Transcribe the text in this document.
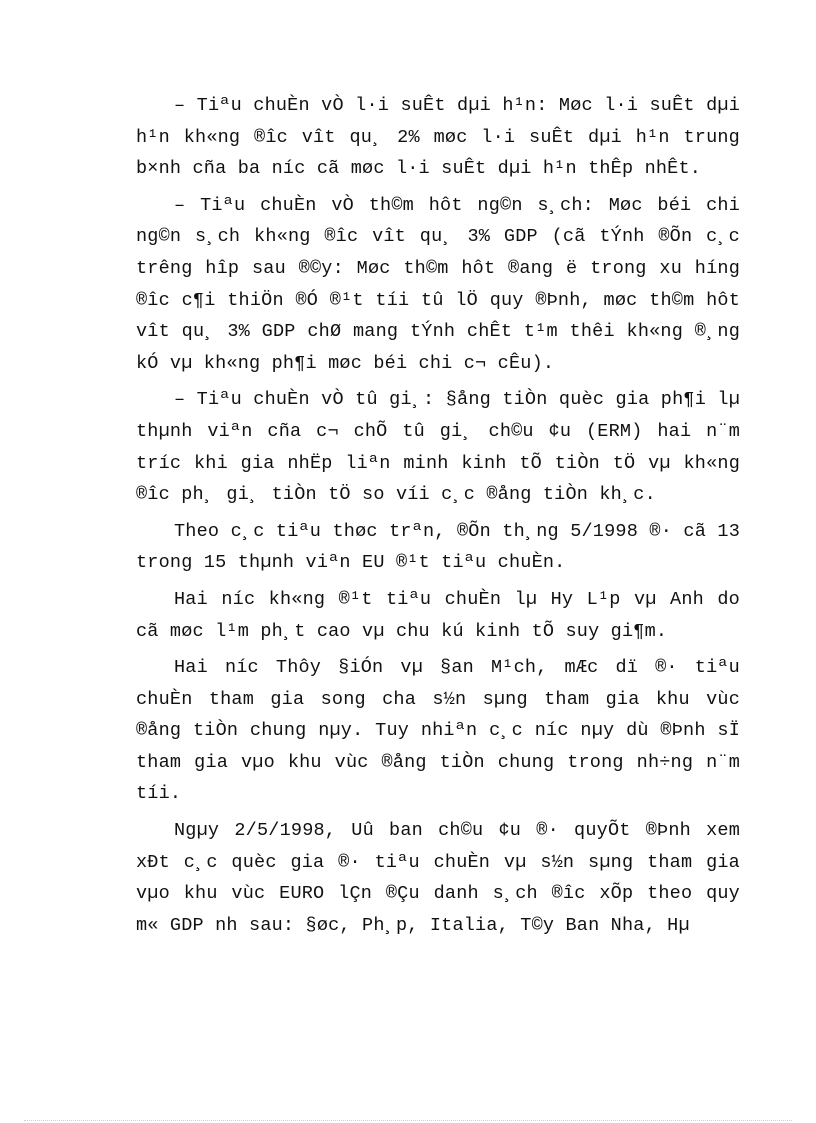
– Tiªu chuÈn vÒ l·i suÊt dµi h¹n: Møc l·i suÊt dµi h¹n kh«ng ®îc vît qu¸ 2% møc l·i suÊt dµi h¹n trung b×nh cña ba níc cã møc l·i suÊt dµi h¹n thÊp nhÊt.

– Tiªu chuÈn vÒ th©m hôt ng©n s¸ch: Møc béi chi ng©n s¸ch kh«ng ®îc vît qu¸ 3% GDP (cã tÝnh ®Õn c¸c trêng hîp sau ®©y: Møc th©m hôt ®ang ë trong xu híng ®îc c¶i thiÖn ®Ó ®¹t tíi tû lÖ quy ®Þnh, møc th©m hôt vît qu¸ 3% GDP chØ mang tÝnh chÊt t¹m thêi kh«ng ®¸ng kÓ vµ kh«ng ph¶i møc béi chi c¬ cÊu).

– Tiªu chuÈn vÒ tû gi¸: §ång tiÒn quèc gia ph¶i lµ thµnh viªn cña c¬ chÕ tû gi¸ ch©u ¢u (ERM) hai n¨m tríc khi gia nhËp liªn minh kinh tÕ tiÒn tÖ vµ kh«ng ®îc ph¸ gi¸ tiÒn tÖ so víi c¸c ®ång tiÒn kh¸c.

Theo c¸c tiªu thøc trªn, ®Õn th¸ng 5/1998 ®· cã 13 trong 15 thµnh viªn EU ®¹t tiªu chuÈn.

Hai níc kh«ng ®¹t tiªu chuÈn lµ Hy L¹p vµ Anh do cã møc l¹m ph¸t cao vµ chu kú kinh tÕ suy gi¶m.

Hai níc Thôy §iÓn vµ §an M¹ch, mÆc dï ®· tiªu chuÈn tham gia song cha s½n sµng tham gia khu vùc ®ång tiÒn chung nµy. Tuy nhiªn c¸c níc nµy dù ®Þnh sÏ tham gia vµo khu vùc ®ång tiÒn chung trong nh÷ng n¨m tíi.

Ngµy 2/5/1998, Uû ban ch©u ¢u ®· quyÕt ®Þnh xem xÐt c¸c quèc gia ®· tiªu chuÈn vµ s½n sµng tham gia vµo khu vùc EURO lÇn ®Çu danh s¸ch ®îc xÕp theo quy m« GDP nh sau: §øc, Ph¸p, Italia, T©y Ban Nha, Hµ
